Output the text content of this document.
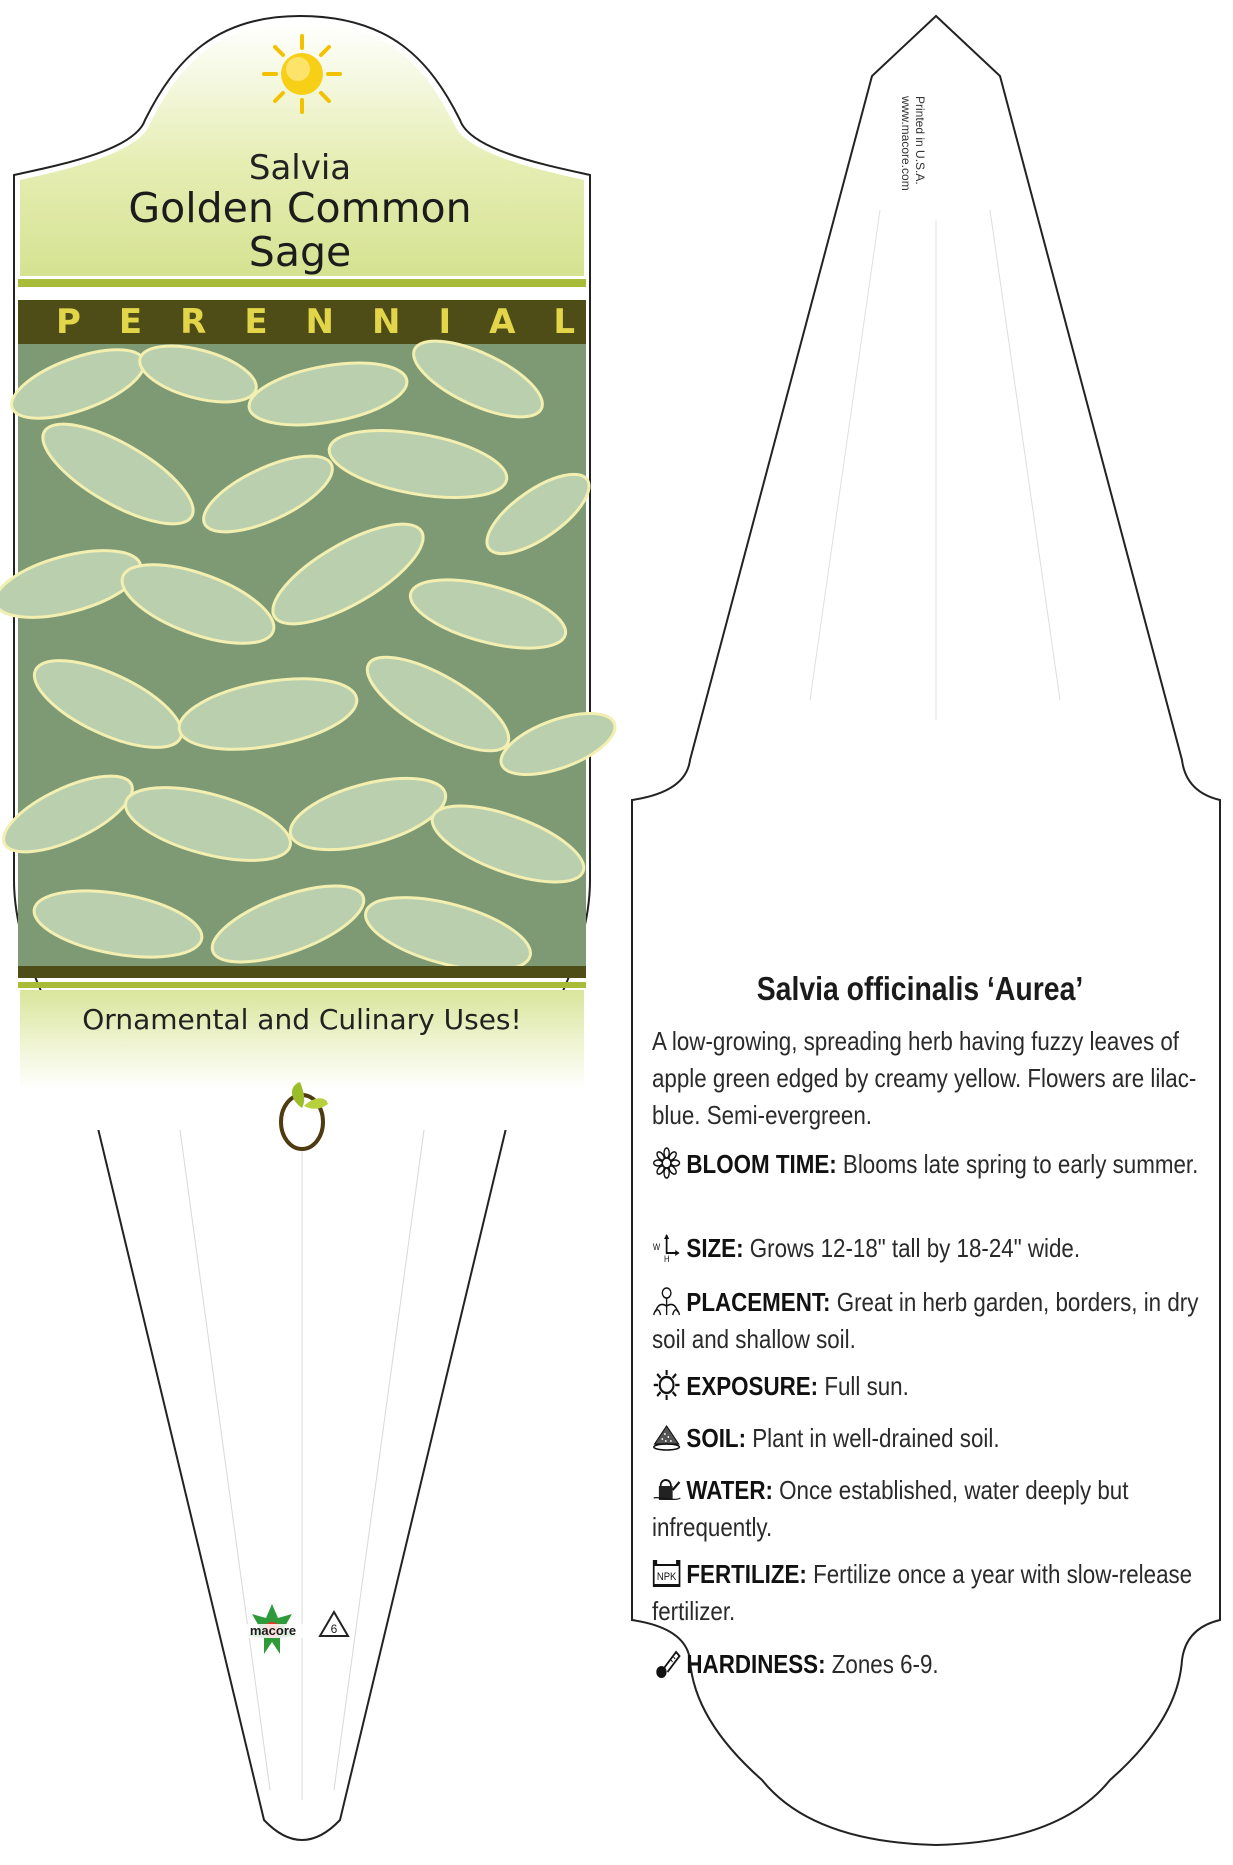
Salvia
Golden Common
Sage
PERENNIAL
Ornamental and Culinary Uses!
macore	6
Printed in U.S.A.
www.macore.com
Salvia officinalis ‘Aurea’
A low-growing, spreading herb having fuzzy leaves of apple green edged by creamy yellow. Flowers are lilac-blue. Semi-evergreen.
BLOOM TIME: Blooms late spring to early summer.
W
H SIZE: Grows 12-18" tall by 18-24" wide.
PLACEMENT: Great in herb garden, borders, in dry soil and shallow soil.
EXPOSURE: Full sun.
SOIL: Plant in well-drained soil.
WATER: Once established, water deeply but infrequently.
NPK FERTILIZE: Fertilize once a year with slow-release fertilizer.
HARDINESS: Zones 6-9.
